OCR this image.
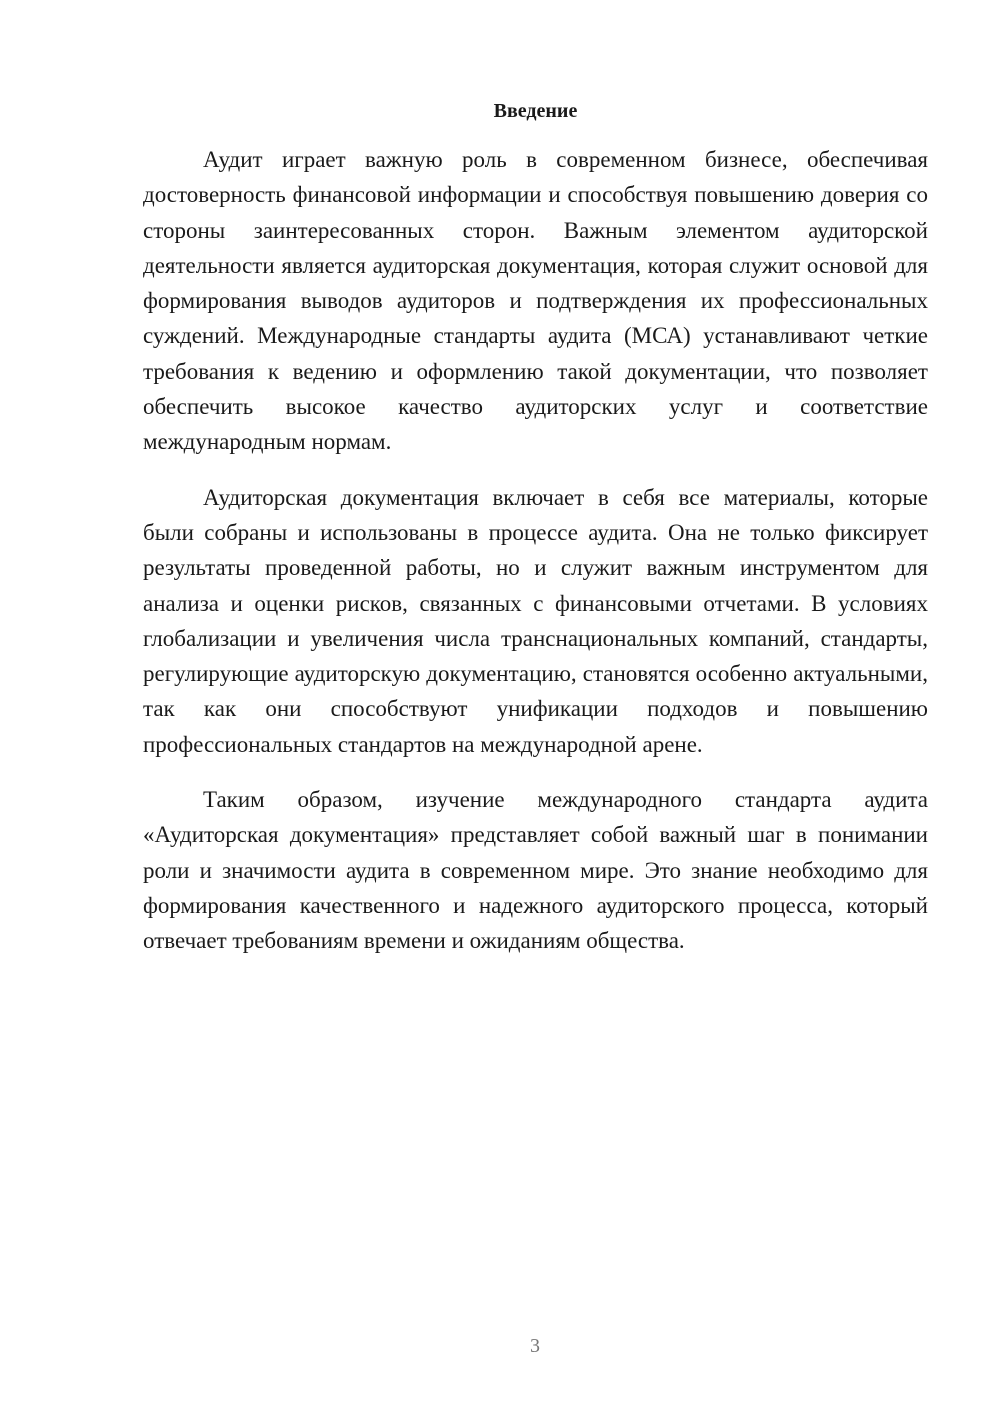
Введение

Аудит играет важную роль в современном бизнесе, обеспечивая достоверность финансовой информации и способствуя повышению доверия со стороны заинтересованных сторон. Важным элементом аудиторской деятельности является аудиторская документация, которая служит основой для формирования выводов аудиторов и подтверждения их профессиональных суждений. Международные стандарты аудита (МСА) устанавливают четкие требования к ведению и оформлению такой документации, что позволяет обеспечить высокое качество аудиторских услуг и соответствие международным нормам.

Аудиторская документация включает в себя все материалы, которые были собраны и использованы в процессе аудита. Она не только фиксирует результаты проведенной работы, но и служит важным инструментом для анализа и оценки рисков, связанных с финансовыми отчетами. В условиях глобализации и увеличения числа транснациональных компаний, стандарты, регулирующие аудиторскую документацию, становятся особенно актуальными, так как они способствуют унификации подходов и повышению профессиональных стандартов на международной арене.

Таким образом, изучение международного стандарта аудита «Аудиторская документация» представляет собой важный шаг в понимании роли и значимости аудита в современном мире. Это знание необходимо для формирования качественного и надежного аудиторского процесса, который отвечает требованиям времени и ожиданиям общества.

3
